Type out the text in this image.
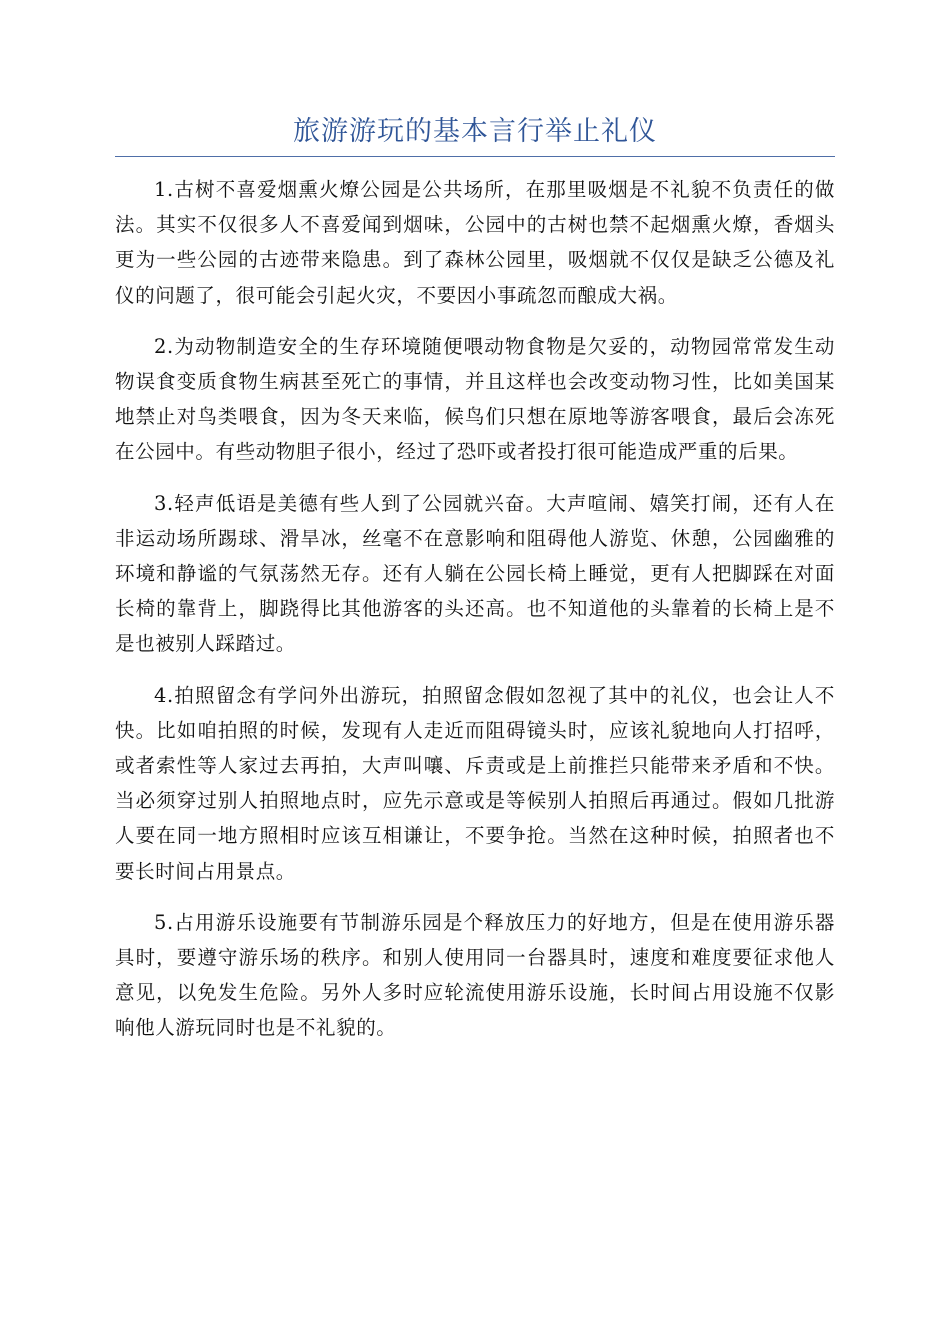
旅游游玩的基本言行举止礼仪

1.古树不喜爱烟熏火燎公园是公共场所，在那里吸烟是不礼貌不负责任的做法。其实不仅很多人不喜爱闻到烟味，公园中的古树也禁不起烟熏火燎，香烟头更为一些公园的古迹带来隐患。到了森林公园里，吸烟就不仅仅是缺乏公德及礼仪的问题了，很可能会引起火灾，不要因小事疏忽而酿成大祸。

2.为动物制造安全的生存环境随便喂动物食物是欠妥的，动物园常常发生动物误食变质食物生病甚至死亡的事情，并且这样也会改变动物习性，比如美国某地禁止对鸟类喂食，因为冬天来临，候鸟们只想在原地等游客喂食，最后会冻死在公园中。有些动物胆子很小，经过了恐吓或者投打很可能造成严重的后果。

3.轻声低语是美德有些人到了公园就兴奋。大声喧闹、嬉笑打闹，还有人在非运动场所踢球、滑旱冰，丝毫不在意影响和阻碍他人游览、休憩，公园幽雅的环境和静谧的气氛荡然无存。还有人躺在公园长椅上睡觉，更有人把脚踩在对面长椅的靠背上，脚跷得比其他游客的头还高。也不知道他的头靠着的长椅上是不是也被别人踩踏过。

4.拍照留念有学问外出游玩，拍照留念假如忽视了其中的礼仪，也会让人不快。比如咱拍照的时候，发现有人走近而阻碍镜头时，应该礼貌地向人打招呼，或者索性等人家过去再拍，大声叫嚷、斥责或是上前推拦只能带来矛盾和不快。当必须穿过别人拍照地点时，应先示意或是等候别人拍照后再通过。假如几批游人要在同一地方照相时应该互相谦让，不要争抢。当然在这种时候，拍照者也不要长时间占用景点。

5.占用游乐设施要有节制游乐园是个释放压力的好地方，但是在使用游乐器具时，要遵守游乐场的秩序。和别人使用同一台器具时，速度和难度要征求他人意见，以免发生危险。另外人多时应轮流使用游乐设施，长时间占用设施不仅影响他人游玩同时也是不礼貌的。
